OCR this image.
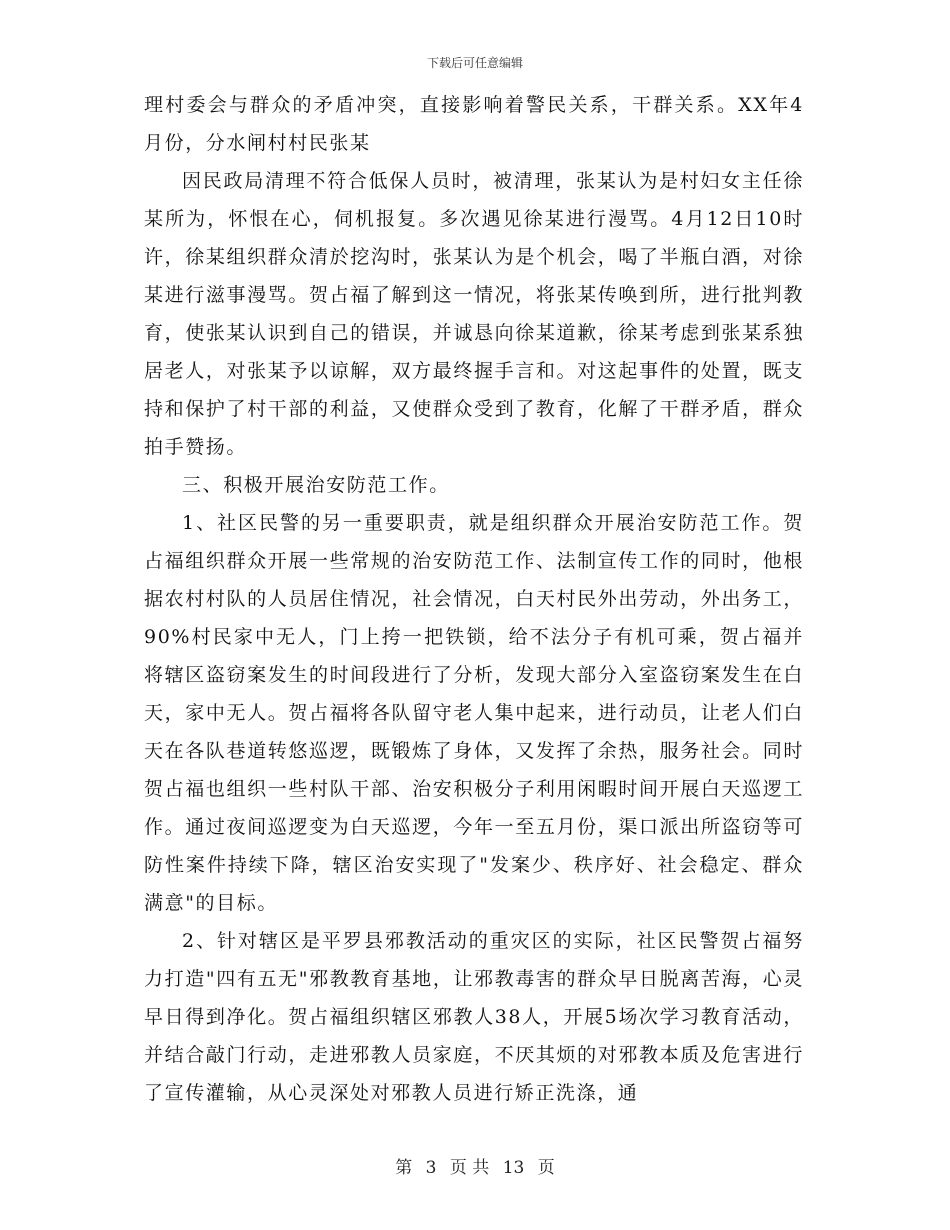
下载后可任意编辑

理村委会与群众的矛盾冲突，直接影响着警民关系，干群关系。XX年4月份，分水闸村村民张某

因民政局清理不符合低保人员时，被清理，张某认为是村妇女主任徐某所为，怀恨在心，伺机报复。多次遇见徐某进行漫骂。4月12日10时许，徐某组织群众清於挖沟时，张某认为是个机会，喝了半瓶白酒，对徐某进行滋事漫骂。贺占福了解到这一情况，将张某传唤到所，进行批判教育，使张某认识到自己的错误，并诚恳向徐某道歉，徐某考虑到张某系独居老人，对张某予以谅解，双方最终握手言和。对这起事件的处置，既支持和保护了村干部的利益，又使群众受到了教育，化解了干群矛盾，群众拍手赞扬。

三、积极开展治安防范工作。

1、社区民警的另一重要职责，就是组织群众开展治安防范工作。贺占福组织群众开展一些常规的治安防范工作、法制宣传工作的同时，他根据农村村队的人员居住情况，社会情况，白天村民外出劳动，外出务工，90%村民家中无人，门上挎一把铁锁，给不法分子有机可乘，贺占福并将辖区盗窃案发生的时间段进行了分析，发现大部分入室盗窃案发生在白天，家中无人。贺占福将各队留守老人集中起来，进行动员，让老人们白天在各队巷道转悠巡逻，既锻炼了身体，又发挥了余热，服务社会。同时贺占福也组织一些村队干部、治安积极分子利用闲暇时间开展白天巡逻工作。通过夜间巡逻变为白天巡逻，今年一至五月份，渠口派出所盗窃等可防性案件持续下降，辖区治安实现了"发案少、秩序好、社会稳定、群众满意"的目标。

2、针对辖区是平罗县邪教活动的重灾区的实际，社区民警贺占福努力打造"四有五无"邪教教育基地，让邪教毒害的群众早日脱离苦海，心灵早日得到净化。贺占福组织辖区邪教人38人，开展5场次学习教育活动，并结合敲门行动，走进邪教人员家庭，不厌其烦的对邪教本质及危害进行了宣传灌输，从心灵深处对邪教人员进行矫正洗涤，通

第 3 页 共 13 页
